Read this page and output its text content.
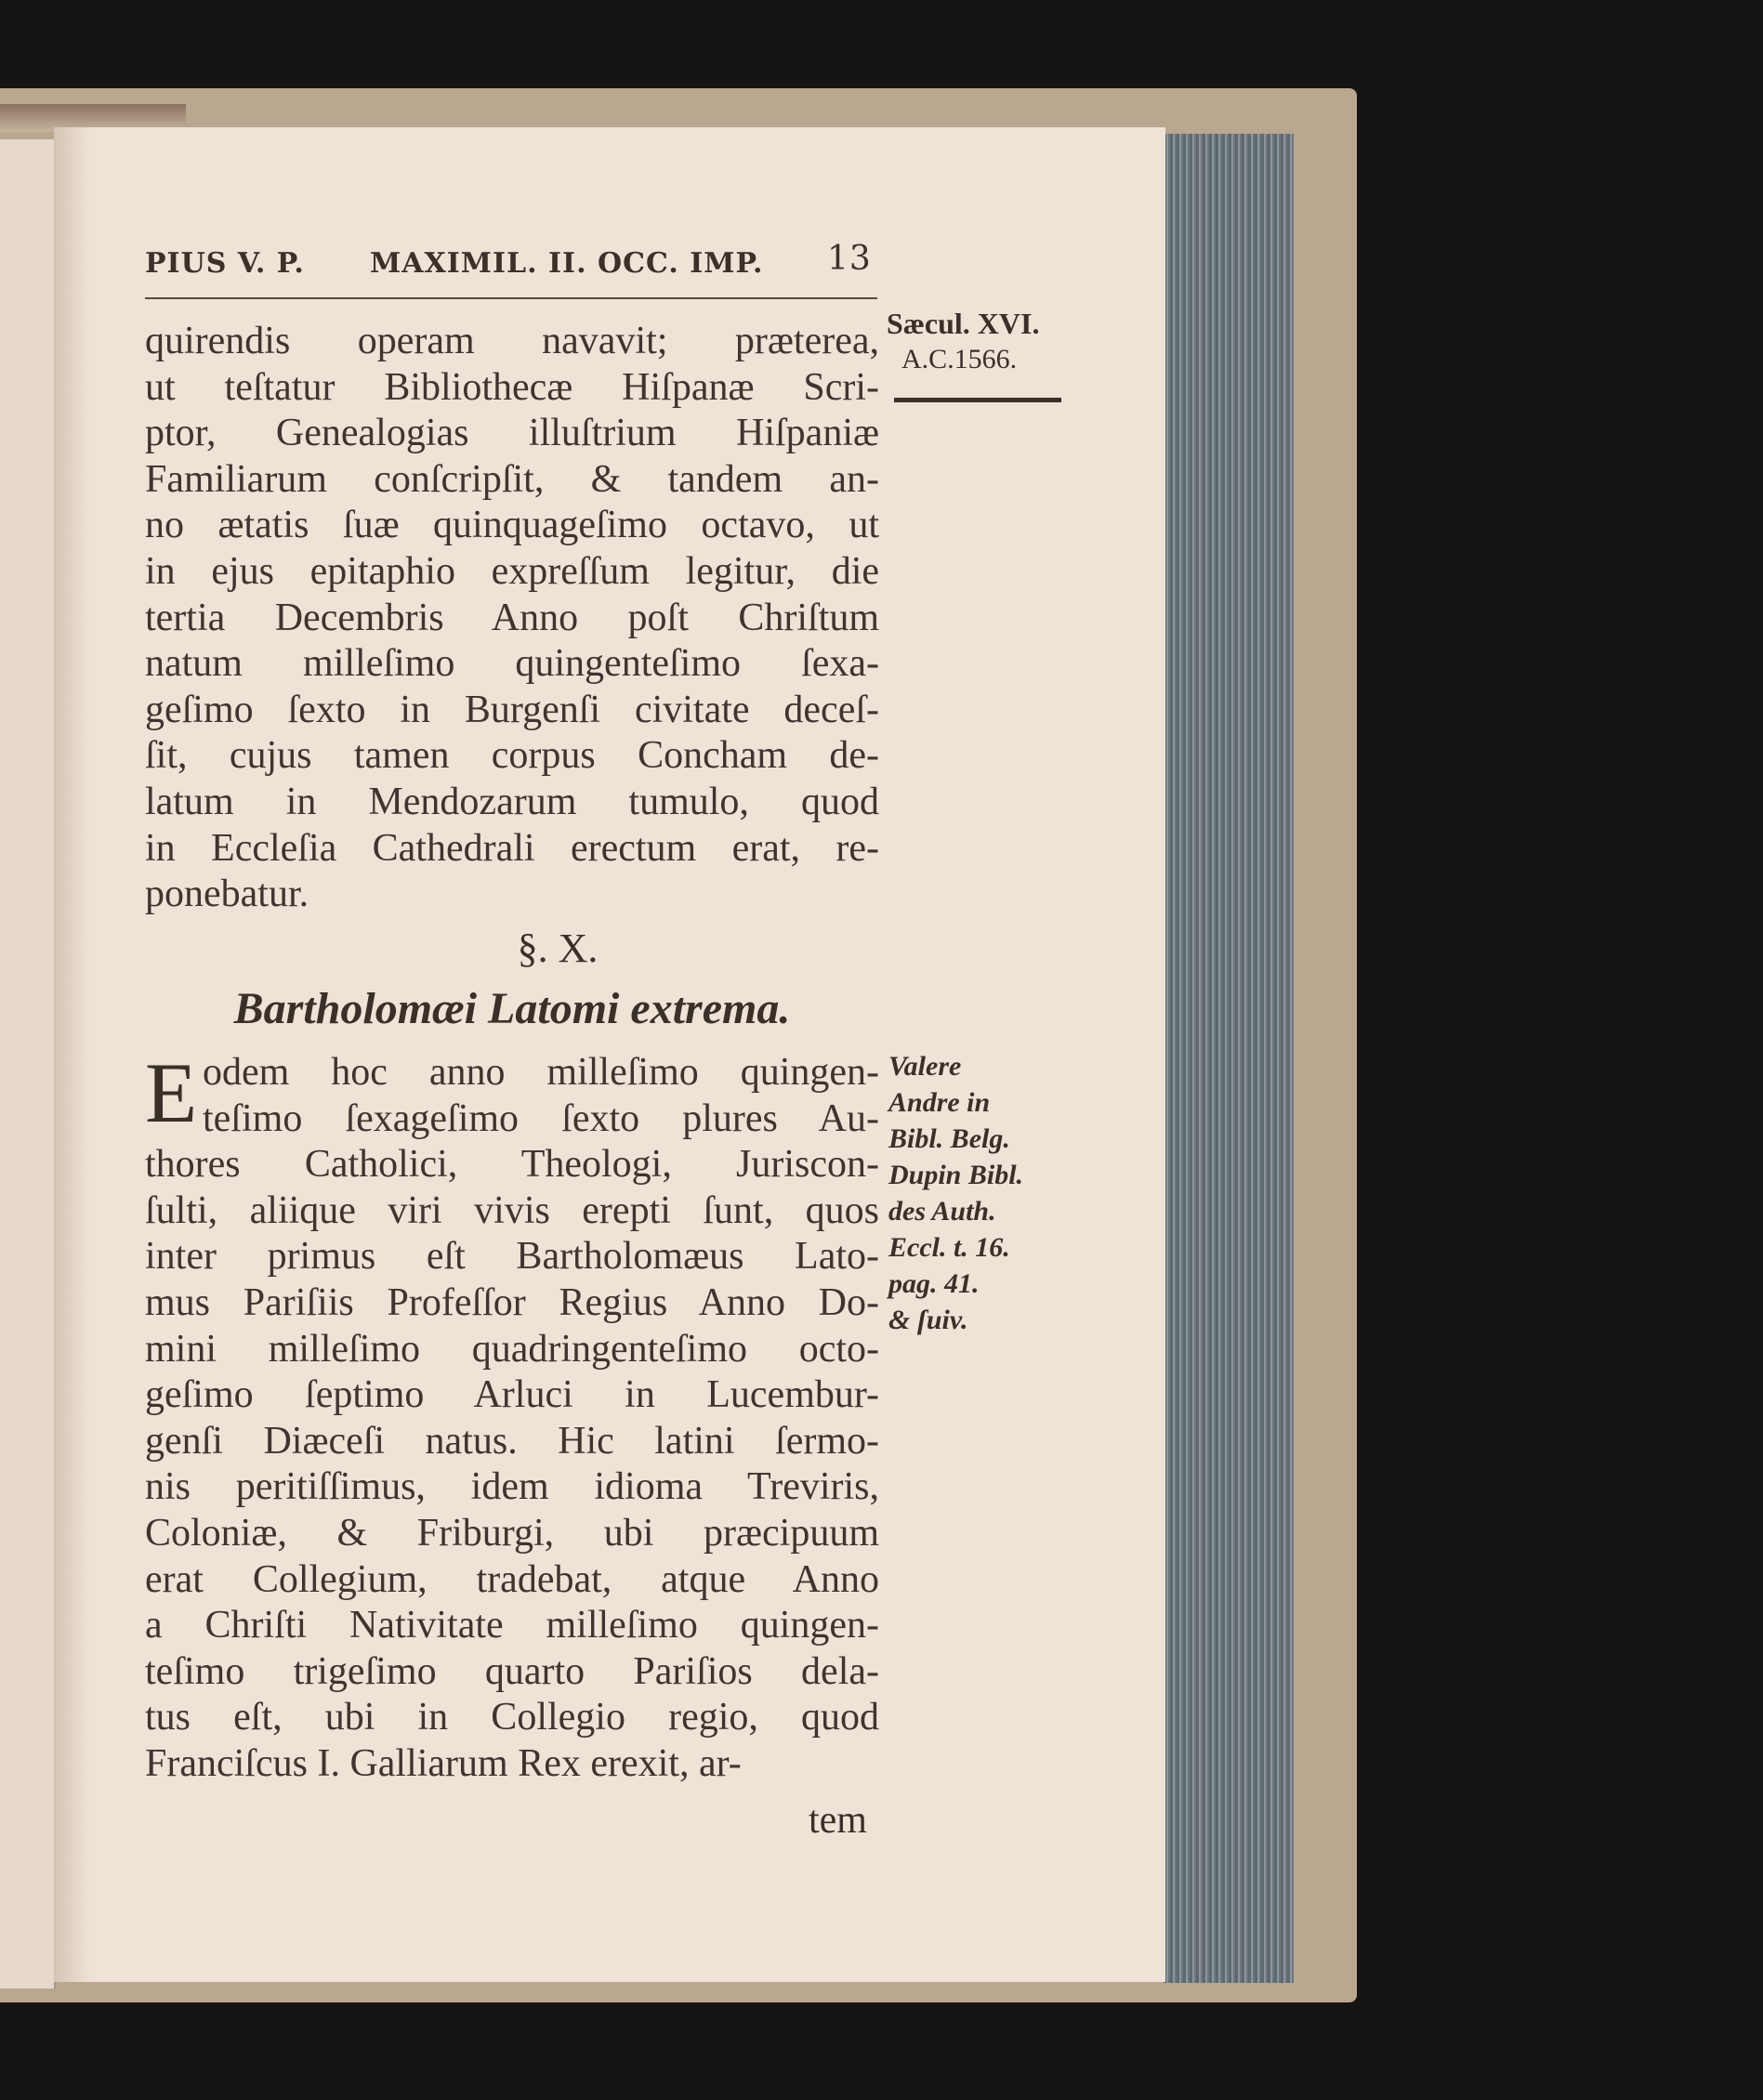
PIUS V. P. MAXIMIL. II. OCC. IMP. 13
Sæcul. XVI.
A.C.1566.
quirendis operam navavit; præterea,
ut teſtatur Bibliothecæ Hiſpanæ Scri-
ptor, Genealogias illuſtrium Hiſpaniæ
Familiarum conſcripſit, & tandem an-
no ætatis ſuæ quinquageſimo octavo, ut
in ejus epitaphio expreſſum legitur, die
tertia Decembris Anno poſt Chriſtum
natum milleſimo quingenteſimo ſexa-
geſimo ſexto in Burgenſi civitate deceſ-
ſit, cujus tamen corpus Concham de-
latum in Mendozarum tumulo, quod
in Eccleſia Cathedrali erectum erat, re-
ponebatur.
§. X.
Bartholomæi Latomi extrema.
E odem hoc anno milleſimo quingen-
teſimo ſexageſimo ſexto plures Au-
thores Catholici, Theologi, Juriscon-
ſulti, aliique viri vivis erepti ſunt, quos
inter primus eſt Bartholomæus Lato-
mus Pariſiis Profeſſor Regius Anno Do-
mini milleſimo quadringenteſimo octo-
geſimo ſeptimo Arluci in Lucembur-
genſi Diæceſi natus. Hic latini ſermo-
nis peritiſſimus, idem idioma Treviris,
Coloniæ, & Friburgi, ubi præcipuum
erat Collegium, tradebat, atque Anno
a Chriſti Nativitate milleſimo quingen-
teſimo trigeſimo quarto Pariſios dela-
tus eſt, ubi in Collegio regio, quod
Franciſcus I. Galliarum Rex erexit, ar-
tem
Valere
Andre in
Bibl. Belg.
Dupin Bibl.
des Auth.
Eccl. t. 16.
pag. 41.
& ſuiv.
